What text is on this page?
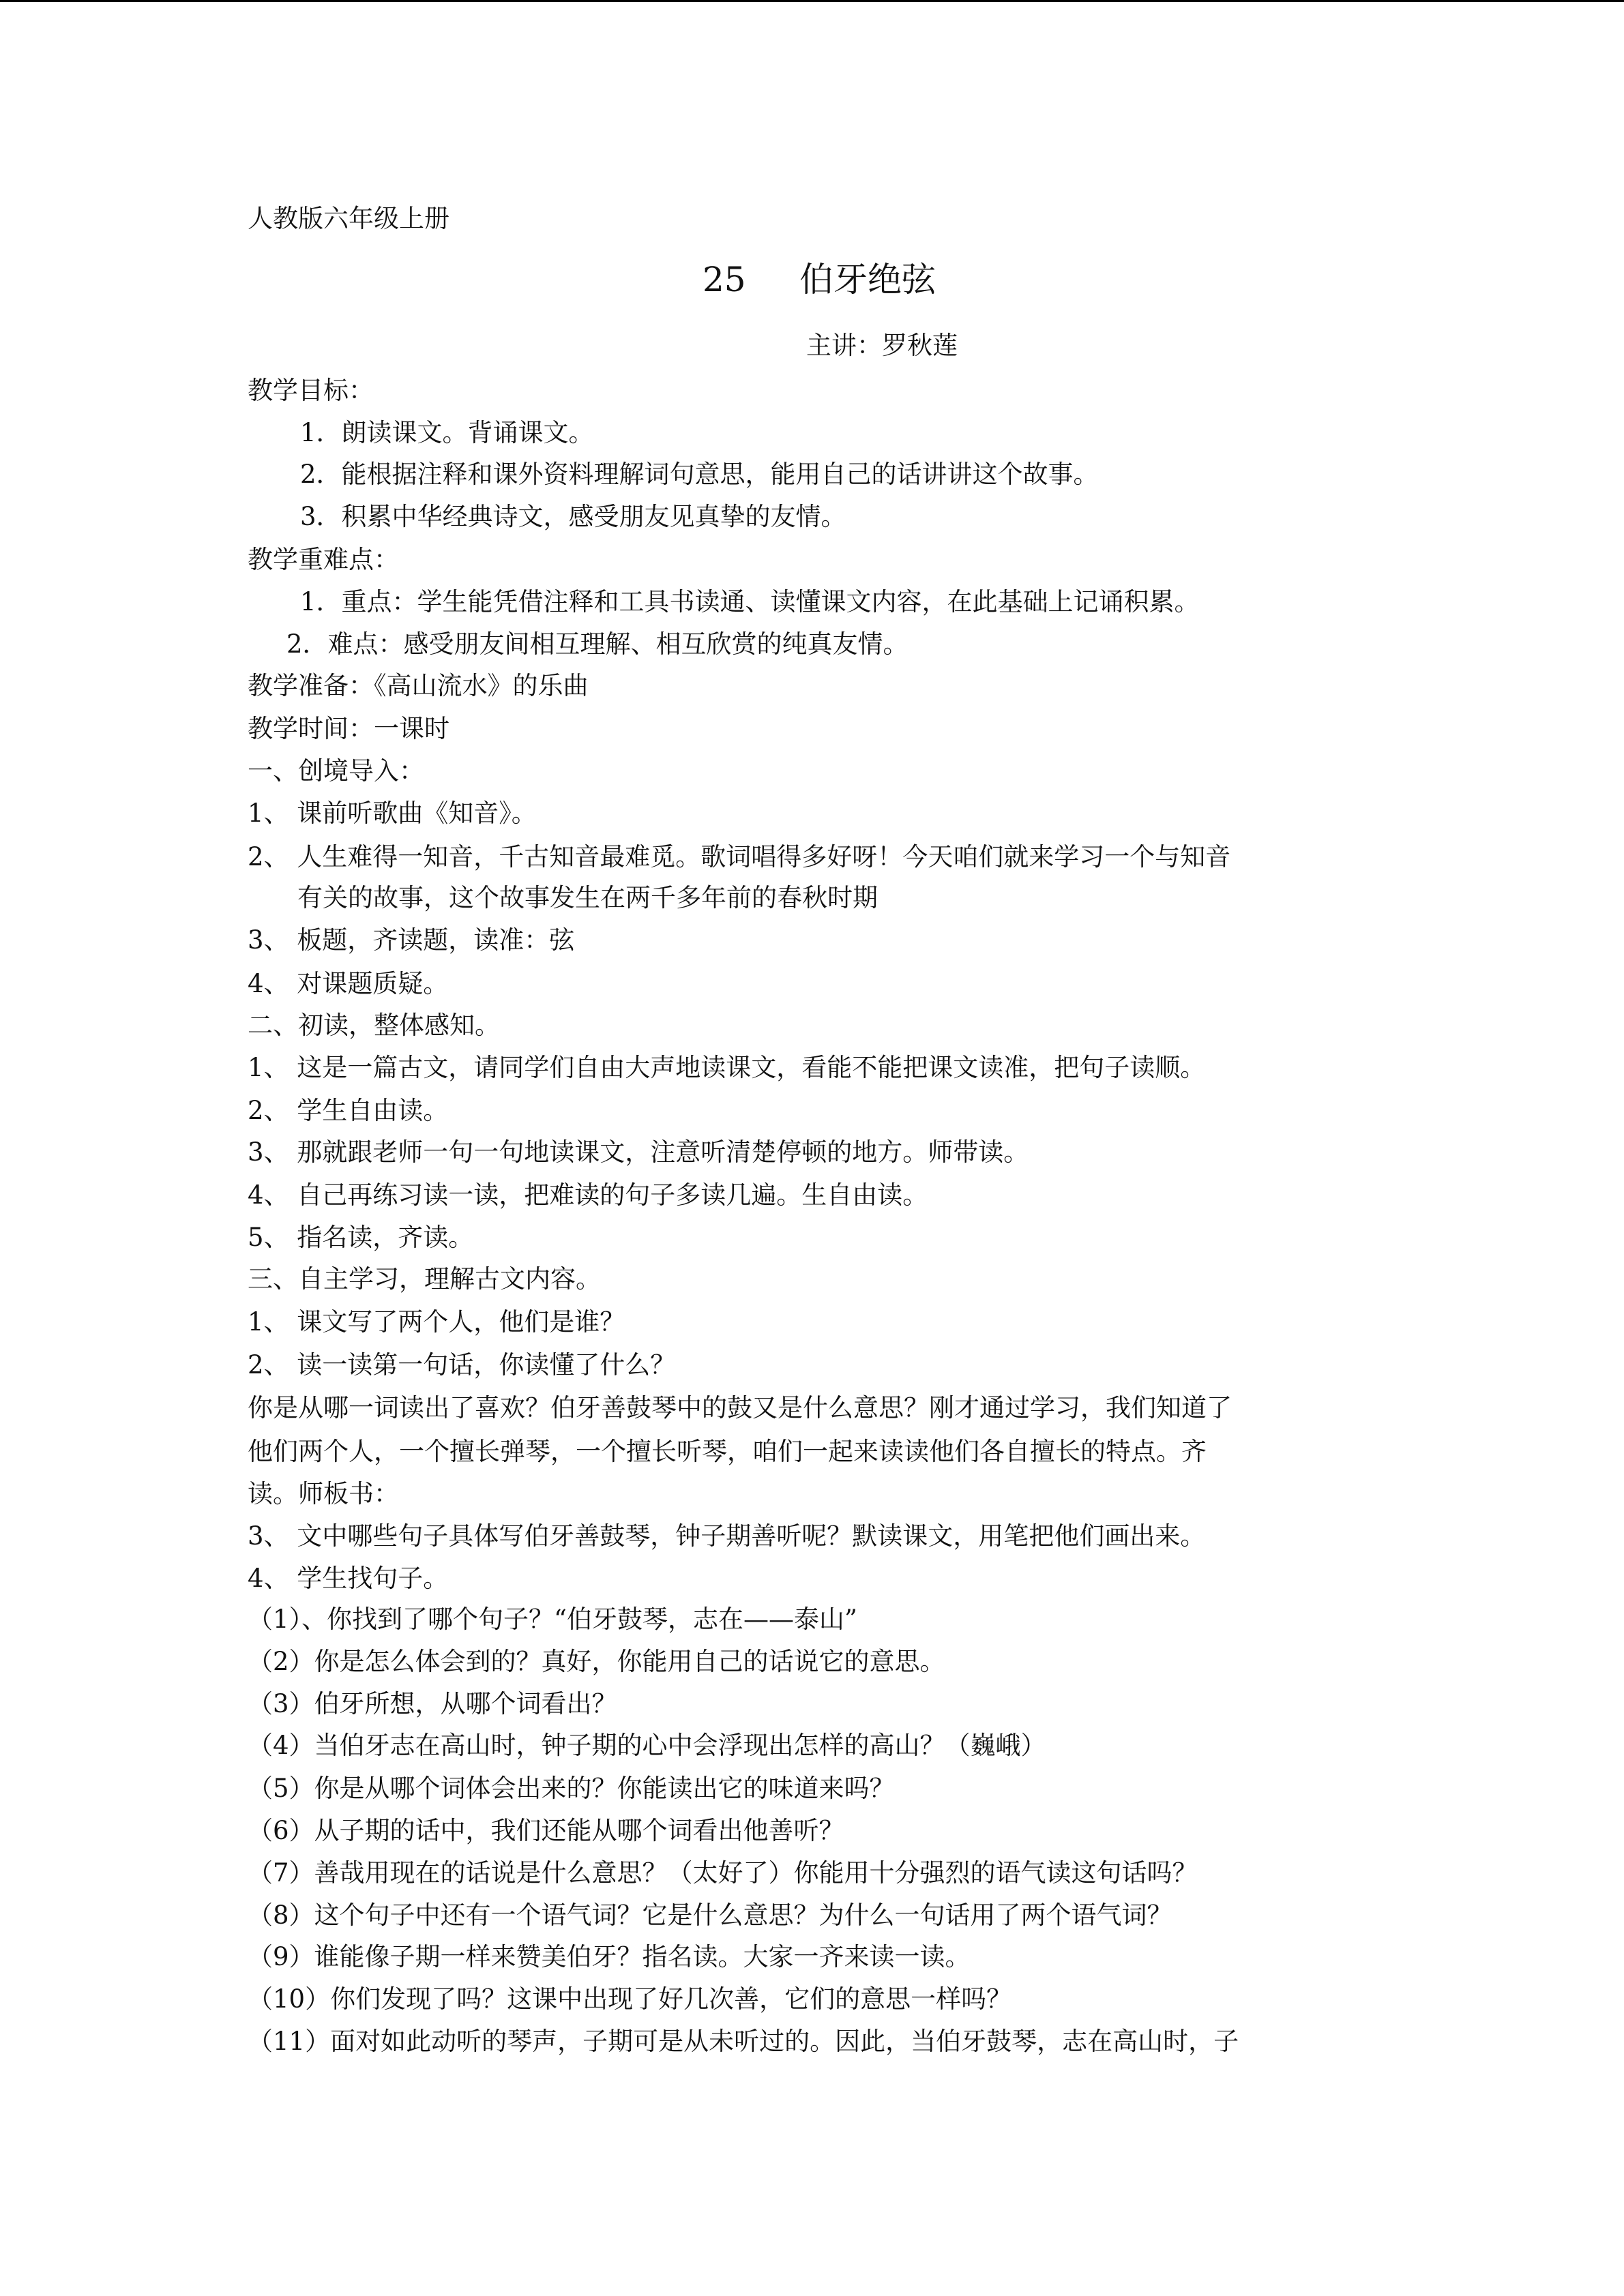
人教版六年级上册
25 伯牙绝弦
主讲：罗秋莲
教学目标：
1．朗读课文。背诵课文。
2．能根据注释和课外资料理解词句意思，能用自己的话讲讲这个故事。
3．积累中华经典诗文，感受朋友见真挚的友情。
教学重难点：
1．重点：学生能凭借注释和工具书读通、读懂课文内容，在此基础上记诵积累。
2．难点：感受朋友间相互理解、相互欣赏的纯真友情。
教学准备：《高山流水》的乐曲
教学时间：一课时
一、创境导入：
1、 课前听歌曲《知音》。
2、 人生难得一知音，千古知音最难觅。歌词唱得多好呀！今天咱们就来学习一个与知音
有关的故事，这个故事发生在两千多年前的春秋时期
3、 板题，齐读题，读准：弦
4、 对课题质疑。
二、初读，整体感知。
1、 这是一篇古文，请同学们自由大声地读课文，看能不能把课文读准，把句子读顺。
2、 学生自由读。
3、 那就跟老师一句一句地读课文，注意听清楚停顿的地方。师带读。
4、 自己再练习读一读，把难读的句子多读几遍。生自由读。
5、 指名读，齐读。
三、自主学习，理解古文内容。
1、 课文写了两个人，他们是谁？
2、 读一读第一句话，你读懂了什么？
你是从哪一词读出了喜欢？伯牙善鼓琴中的鼓又是什么意思？刚才通过学习，我们知道了
他们两个人，一个擅长弹琴，一个擅长听琴，咱们一起来读读他们各自擅长的特点。齐
读。师板书：
3、 文中哪些句子具体写伯牙善鼓琴，钟子期善听呢？默读课文，用笔把他们画出来。
4、 学生找句子。
（1）、你找到了哪个句子？“伯牙鼓琴，志在——泰山”
（2）你是怎么体会到的？真好，你能用自己的话说它的意思。
（3）伯牙所想，从哪个词看出？
（4）当伯牙志在高山时，钟子期的心中会浮现出怎样的高山？（巍峨）
（5）你是从哪个词体会出来的？你能读出它的味道来吗？
（6）从子期的话中，我们还能从哪个词看出他善听？
（7）善哉用现在的话说是什么意思？（太好了）你能用十分强烈的语气读这句话吗？
（8）这个句子中还有一个语气词？它是什么意思？为什么一句话用了两个语气词？
（9）谁能像子期一样来赞美伯牙？指名读。大家一齐来读一读。
（10）你们发现了吗？这课中出现了好几次善，它们的意思一样吗？
（11）面对如此动听的琴声，子期可是从未听过的。因此，当伯牙鼓琴，志在高山时，子
